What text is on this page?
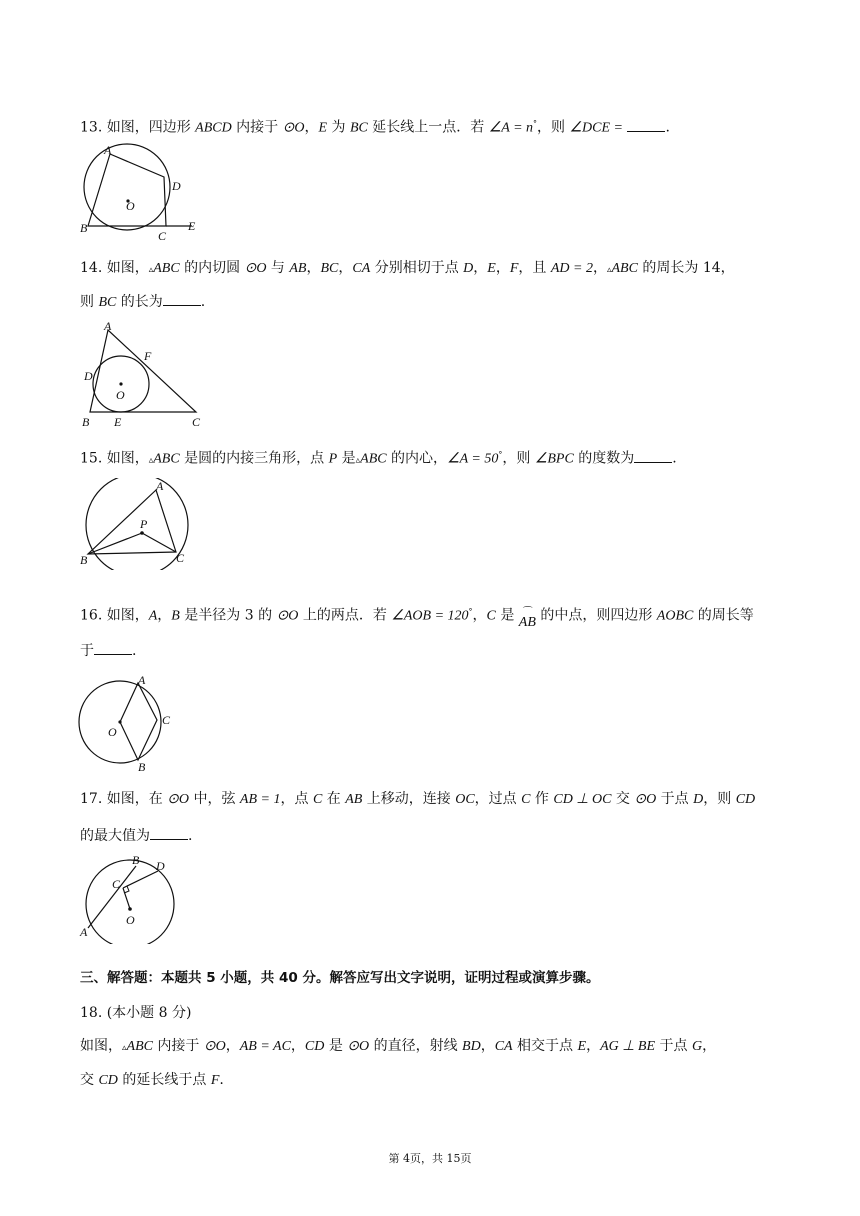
13. 如图，四边形 ABCD 内接于 ⊙O，E 为 BC 延长线上一点．若 ∠A = n°，则 ∠DCE =	.
A
D
B
C
E
O
14. 如图，▵ABC 的内切圆 ⊙O 与 AB，BC，CA 分别相切于点 D，E，F，且 AD = 2，▵ABC 的周长为 14，
则 BC 的长为	.
A
F
D
O
B E	C
15. 如图，▵ABC 是圆的内接三角形，点 P 是▵ABC 的内心，∠A = 50°，则 ∠BPC 的度数为	.
A
P
B	C
16. 如图，A，B 是半径为 3 的 ⊙O 上的两点．若 ∠AOB = 120°，C 是 ⌒
AB 的中点，则四边形 AOBC 的周长等
于	.
A
C
O
B
17. 如图，在 ⊙O 中，弦 AB = 1，点 C 在 AB 上移动，连接 OC，过点 C 作 CD ⊥ OC 交 ⊙O 于点 D，则 CD
的最大值为	.
B D
C
O
A
三、解答题：本题共 5 小题，共 40 分。解答应写出文字说明，证明过程或演算步骤。
18. (本小题 8 分)
如图，▵ABC 内接于 ⊙O，AB = AC，CD 是 ⊙O 的直径，射线 BD，CA 相交于点 E，AG ⊥ BE 于点 G，
交 CD 的延长线于点 F.
第 4页，共 15页
